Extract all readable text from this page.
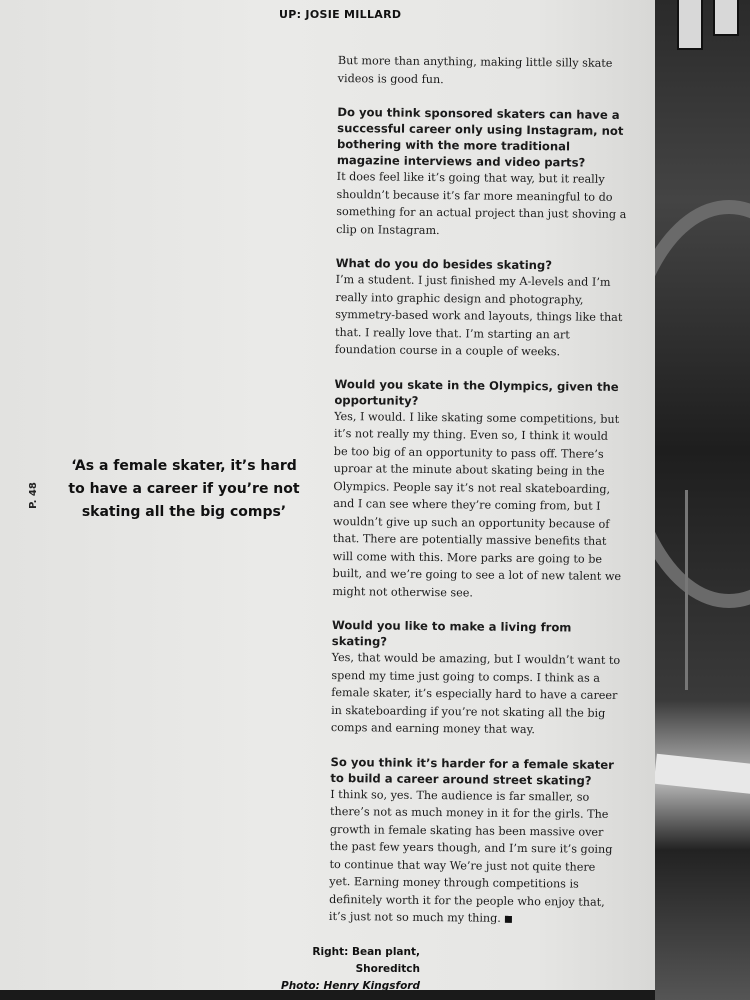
UP: JOSIE MILLARD
P. 48
‘As a female skater, it’s hard to have a career if you’re not skating all the big comps’

But more than anything, making little silly skate videos is good fun.

Do you think sponsored skaters can have a successful career only using Instagram, not bothering with the more traditional magazine interviews and video parts?

It does feel like it’s going that way, but it really shouldn’t because it’s far more meaningful to do something for an actual project than just shoving a clip on Instagram.

What do you do besides skating?

I’m a student. I just finished my A-levels and I’m really into graphic design and photography, symmetry-based work and layouts, things like that that. I really love that. I’m starting an art foundation course in a couple of weeks.

Would you skate in the Olympics, given the opportunity?

Yes, I would. I like skating some competitions, but it’s not really my thing. Even so, I think it would be too big of an opportunity to pass off. There’s uproar at the minute about skating being in the Olympics. People say it’s not real skateboarding, and I can see where they’re coming from, but I wouldn’t give up such an opportunity because of that. There are potentially massive benefits that will come with this. More parks are going to be built, and we’re going to see a lot of new talent we might not otherwise see.

Would you like to make a living from skating?

Yes, that would be amazing, but I wouldn’t want to spend my time just going to comps. I think as a female skater, it’s especially hard to have a career in skateboarding if you’re not skating all the big comps and earning money that way.

So you think it’s harder for a female skater to build a career around street skating?

I think so, yes. The audience is far smaller, so there’s not as much money in it for the girls. The growth in female skating has been massive over the past few years though, and I’m sure it’s going to continue that way We’re just not quite there yet. Earning money through competitions is definitely worth it for the people who enjoy that, it’s just not so much my thing.

Right: Bean plant, Shoreditch
Photo: Henry Kingsford
